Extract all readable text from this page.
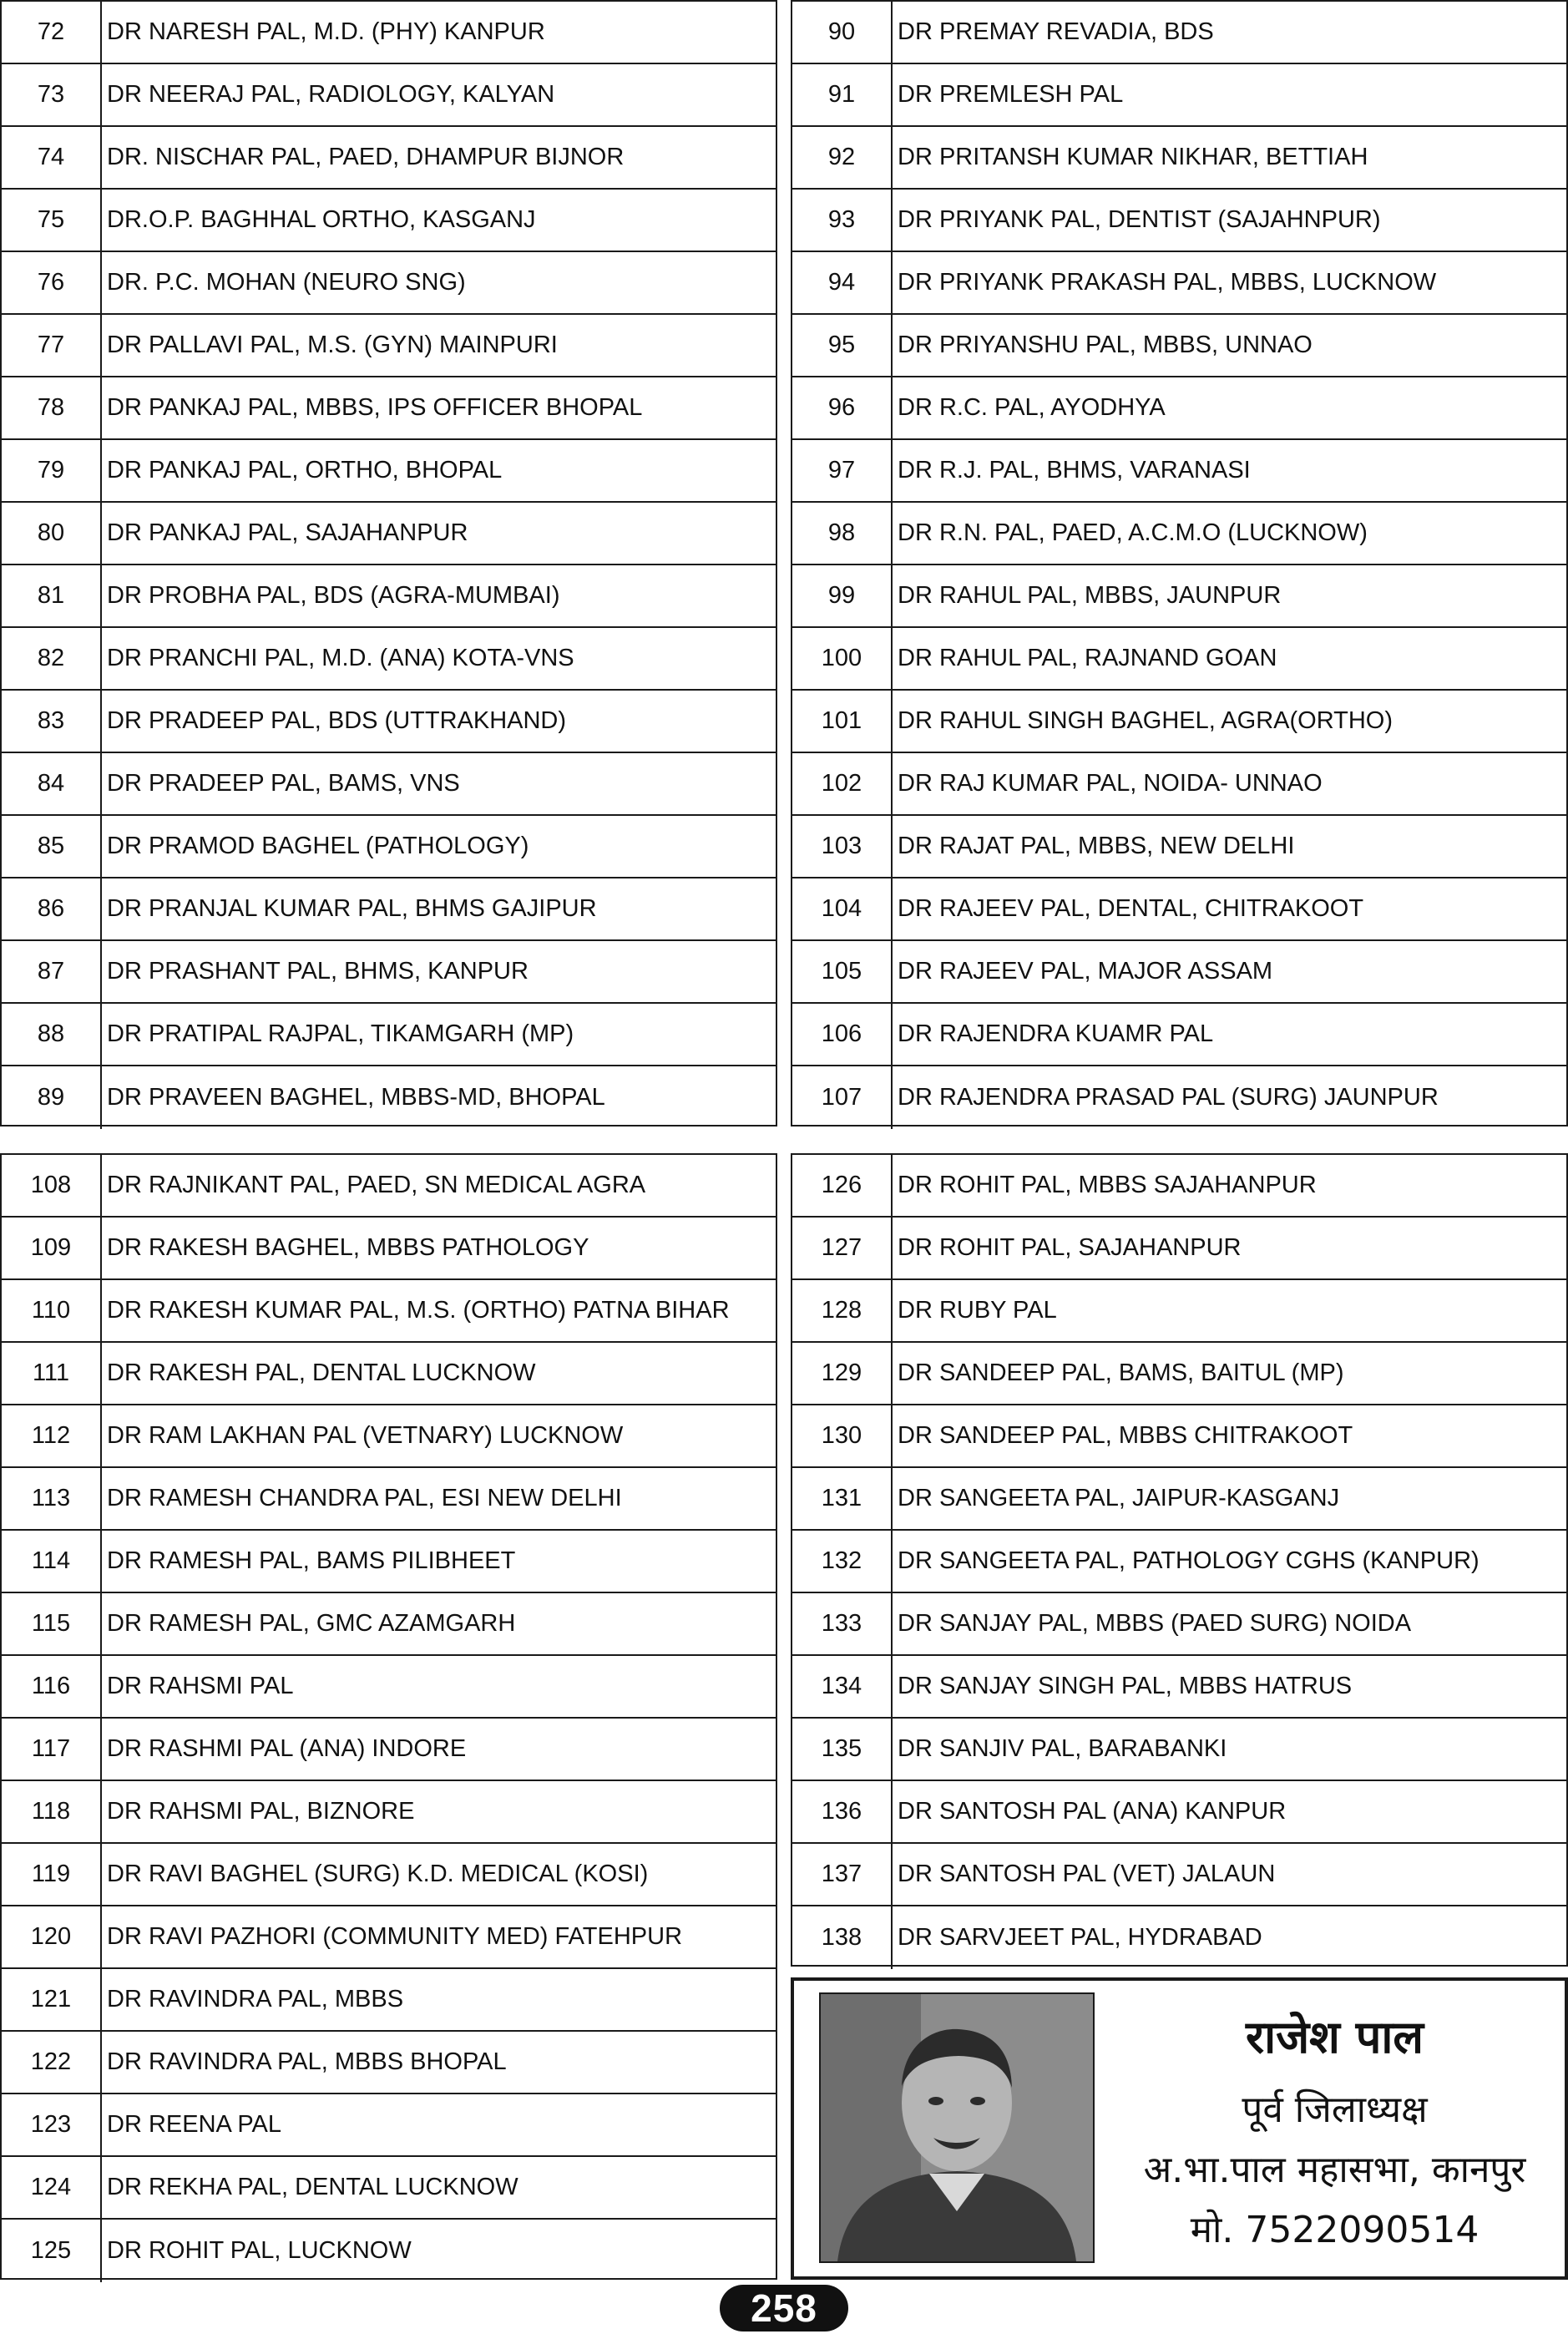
72	DR NARESH PAL, M.D. (PHY) KANPUR
73	DR NEERAJ PAL, RADIOLOGY, KALYAN
74	DR. NISCHAR PAL, PAED, DHAMPUR BIJNOR
75	DR.O.P. BAGHHAL ORTHO, KASGANJ
76	DR. P.C. MOHAN (NEURO SNG)
77	DR PALLAVI PAL, M.S. (GYN) MAINPURI
78	DR PANKAJ PAL, MBBS, IPS OFFICER BHOPAL
79	DR PANKAJ PAL, ORTHO, BHOPAL
80	DR PANKAJ PAL, SAJAHANPUR
81	DR PROBHA PAL, BDS (AGRA-MUMBAI)
82	DR PRANCHI PAL, M.D. (ANA) KOTA-VNS
83	DR PRADEEP PAL, BDS (UTTRAKHAND)
84	DR PRADEEP PAL, BAMS, VNS
85	DR PRAMOD BAGHEL (PATHOLOGY)
86	DR PRANJAL KUMAR PAL, BHMS GAJIPUR
87	DR PRASHANT PAL, BHMS, KANPUR
88	DR PRATIPAL RAJPAL, TIKAMGARH (MP)
89	DR PRAVEEN BAGHEL, MBBS-MD, BHOPAL
90	DR PREMAY REVADIA, BDS
91	DR PREMLESH PAL
92	DR PRITANSH KUMAR NIKHAR, BETTIAH
93	DR PRIYANK PAL, DENTIST (SAJAHNPUR)
94	DR PRIYANK PRAKASH PAL, MBBS, LUCKNOW
95	DR PRIYANSHU PAL, MBBS, UNNAO
96	DR R.C. PAL, AYODHYA
97	DR R.J. PAL, BHMS, VARANASI
98	DR R.N. PAL, PAED, A.C.M.O (LUCKNOW)
99	DR RAHUL PAL, MBBS, JAUNPUR
100	DR RAHUL PAL, RAJNAND GOAN
101	DR RAHUL SINGH BAGHEL, AGRA(ORTHO)
102	DR RAJ KUMAR PAL, NOIDA- UNNAO
103	DR RAJAT PAL, MBBS, NEW DELHI
104	DR RAJEEV PAL, DENTAL, CHITRAKOOT
105	DR RAJEEV PAL, MAJOR ASSAM
106	DR RAJENDRA KUAMR PAL
107	DR RAJENDRA PRASAD PAL (SURG) JAUNPUR
108	DR RAJNIKANT PAL, PAED, SN MEDICAL AGRA
109	DR RAKESH BAGHEL, MBBS PATHOLOGY
110	DR RAKESH KUMAR PAL, M.S. (ORTHO) PATNA BIHAR
111	DR RAKESH PAL, DENTAL LUCKNOW
112	DR RAM LAKHAN PAL (VETNARY) LUCKNOW
113	DR RAMESH CHANDRA PAL, ESI NEW DELHI
114	DR RAMESH PAL, BAMS PILIBHEET
115	DR RAMESH PAL, GMC AZAMGARH
116	DR RAHSMI PAL
117	DR RASHMI PAL (ANA) INDORE
118	DR RAHSMI PAL, BIZNORE
119	DR RAVI BAGHEL (SURG) K.D. MEDICAL (KOSI)
120	DR RAVI PAZHORI (COMMUNITY MED) FATEHPUR
121	DR RAVINDRA PAL, MBBS
122	DR RAVINDRA PAL, MBBS BHOPAL
123	DR REENA PAL
124	DR REKHA PAL, DENTAL LUCKNOW
125	DR ROHIT PAL, LUCKNOW
126	DR ROHIT PAL, MBBS SAJAHANPUR
127	DR ROHIT PAL, SAJAHANPUR
128	DR RUBY PAL
129	DR SANDEEP PAL, BAMS, BAITUL (MP)
130	DR SANDEEP PAL, MBBS CHITRAKOOT
131	DR SANGEETA PAL, JAIPUR-KASGANJ
132	DR SANGEETA PAL, PATHOLOGY CGHS (KANPUR)
133	DR SANJAY PAL, MBBS (PAED SURG) NOIDA
134	DR SANJAY SINGH PAL, MBBS HATRUS
135	DR SANJIV PAL, BARABANKI
136	DR SANTOSH PAL (ANA) KANPUR
137	DR SANTOSH PAL (VET) JALAUN
138	DR SARVJEET PAL, HYDRABAD
राजेश पाल
पूर्व जिलाध्यक्ष
अ.भा.पाल महासभा, कानपुर
मो. 7522090514
258
